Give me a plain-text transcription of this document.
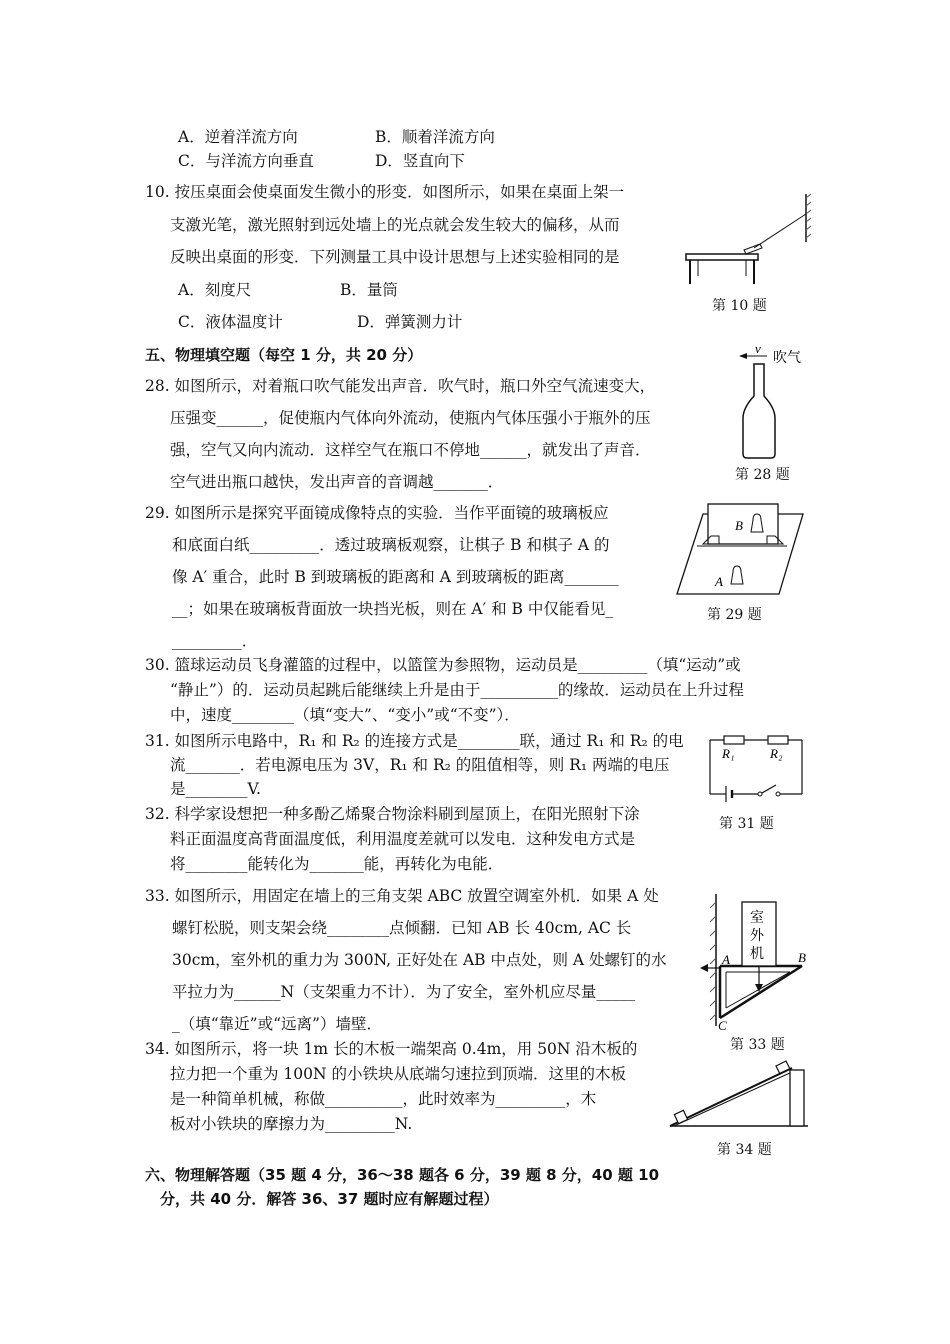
A．逆着洋流方向	B．顺着洋流方向
C．与洋流方向垂直	D．竖直向下
10. 按压桌面会使桌面发生微小的形变．如图所示，如果在桌面上架一
支激光笔，激光照射到远处墙上的光点就会发生较大的偏移，从而
反映出桌面的形变．下列测量工具中设计思想与上述实验相同的是
A．刻度尺	B．量筒
C．液体温度计	D．弹簧测力计
第 10 题
五、物理填空题（每空 1 分，共 20 分）
28. 如图所示，对着瓶口吹气能发出声音．吹气时，瓶口外空气流速变大，
压强变______，促使瓶内气体向外流动，使瓶内气体压强小于瓶外的压
强，空气又向内流动．这样空气在瓶口不停地______，就发出了声音．
空气进出瓶口越快，发出声音的音调越_______．
v
吹气
第 28 题
29. 如图所示是探究平面镜成像特点的实验．当作平面镜的玻璃板应
和底面白纸_________．透过玻璃板观察，让棋子 B 和棋子 A 的
像 A′ 重合，此时 B 到玻璃板的距离和 A 到玻璃板的距离_______
__；如果在玻璃板背面放一块挡光板，则在 A′ 和 B 中仅能看见_
_________．
B
A
第 29 题
30. 篮球运动员飞身灌篮的过程中，以篮筐为参照物，运动员是_________（填“运动”或
“静止”）的．运动员起跳后能继续上升是由于__________的缘故．运动员在上升过程
中，速度________（填“变大”、“变小”或“不变”）．
31. 如图所示电路中，R₁ 和 R₂ 的连接方式是________联，通过 R₁ 和 R₂ 的电
流_______．若电源电压为 3V，R₁ 和 R₂ 的阻值相等，则 R₁ 两端的电压
是________V.
R₁	R₂
第 31 题
32. 科学家设想把一种多酚乙烯聚合物涂料刷到屋顶上，在阳光照射下涂
料正面温度高背面温度低，利用温度差就可以发电．这种发电方式是
将________能转化为_______能，再转化为电能．
33. 如图所示，用固定在墙上的三角支架 ABC 放置空调室外机．如果 A 处
螺钉松脱，则支架会绕________点倾翻．已知 AB 长 40cm, AC 长
30cm，室外机的重力为 300N, 正好处在 AB 中点处，则 A 处螺钉的水
平拉力为______N（支架重力不计）．为了安全，室外机应尽量_____
_（填“靠近”或“远离”）墙壁．
室
外
机
A	B
C
第 33 题
34. 如图所示，将一块 1m 长的木板一端架高 0.4m，用 50N 沿木板的
拉力把一个重为 100N 的小铁块从底端匀速拉到顶端．这里的木板
是一种简单机械，称做__________，此时效率为_________，木
板对小铁块的摩擦力为_________N.
第 34 题
六、物理解答题（35 题 4 分，36～38 题各 6 分，39 题 8 分，40 题 10
分，共 40 分．解答 36、37 题时应有解题过程）
